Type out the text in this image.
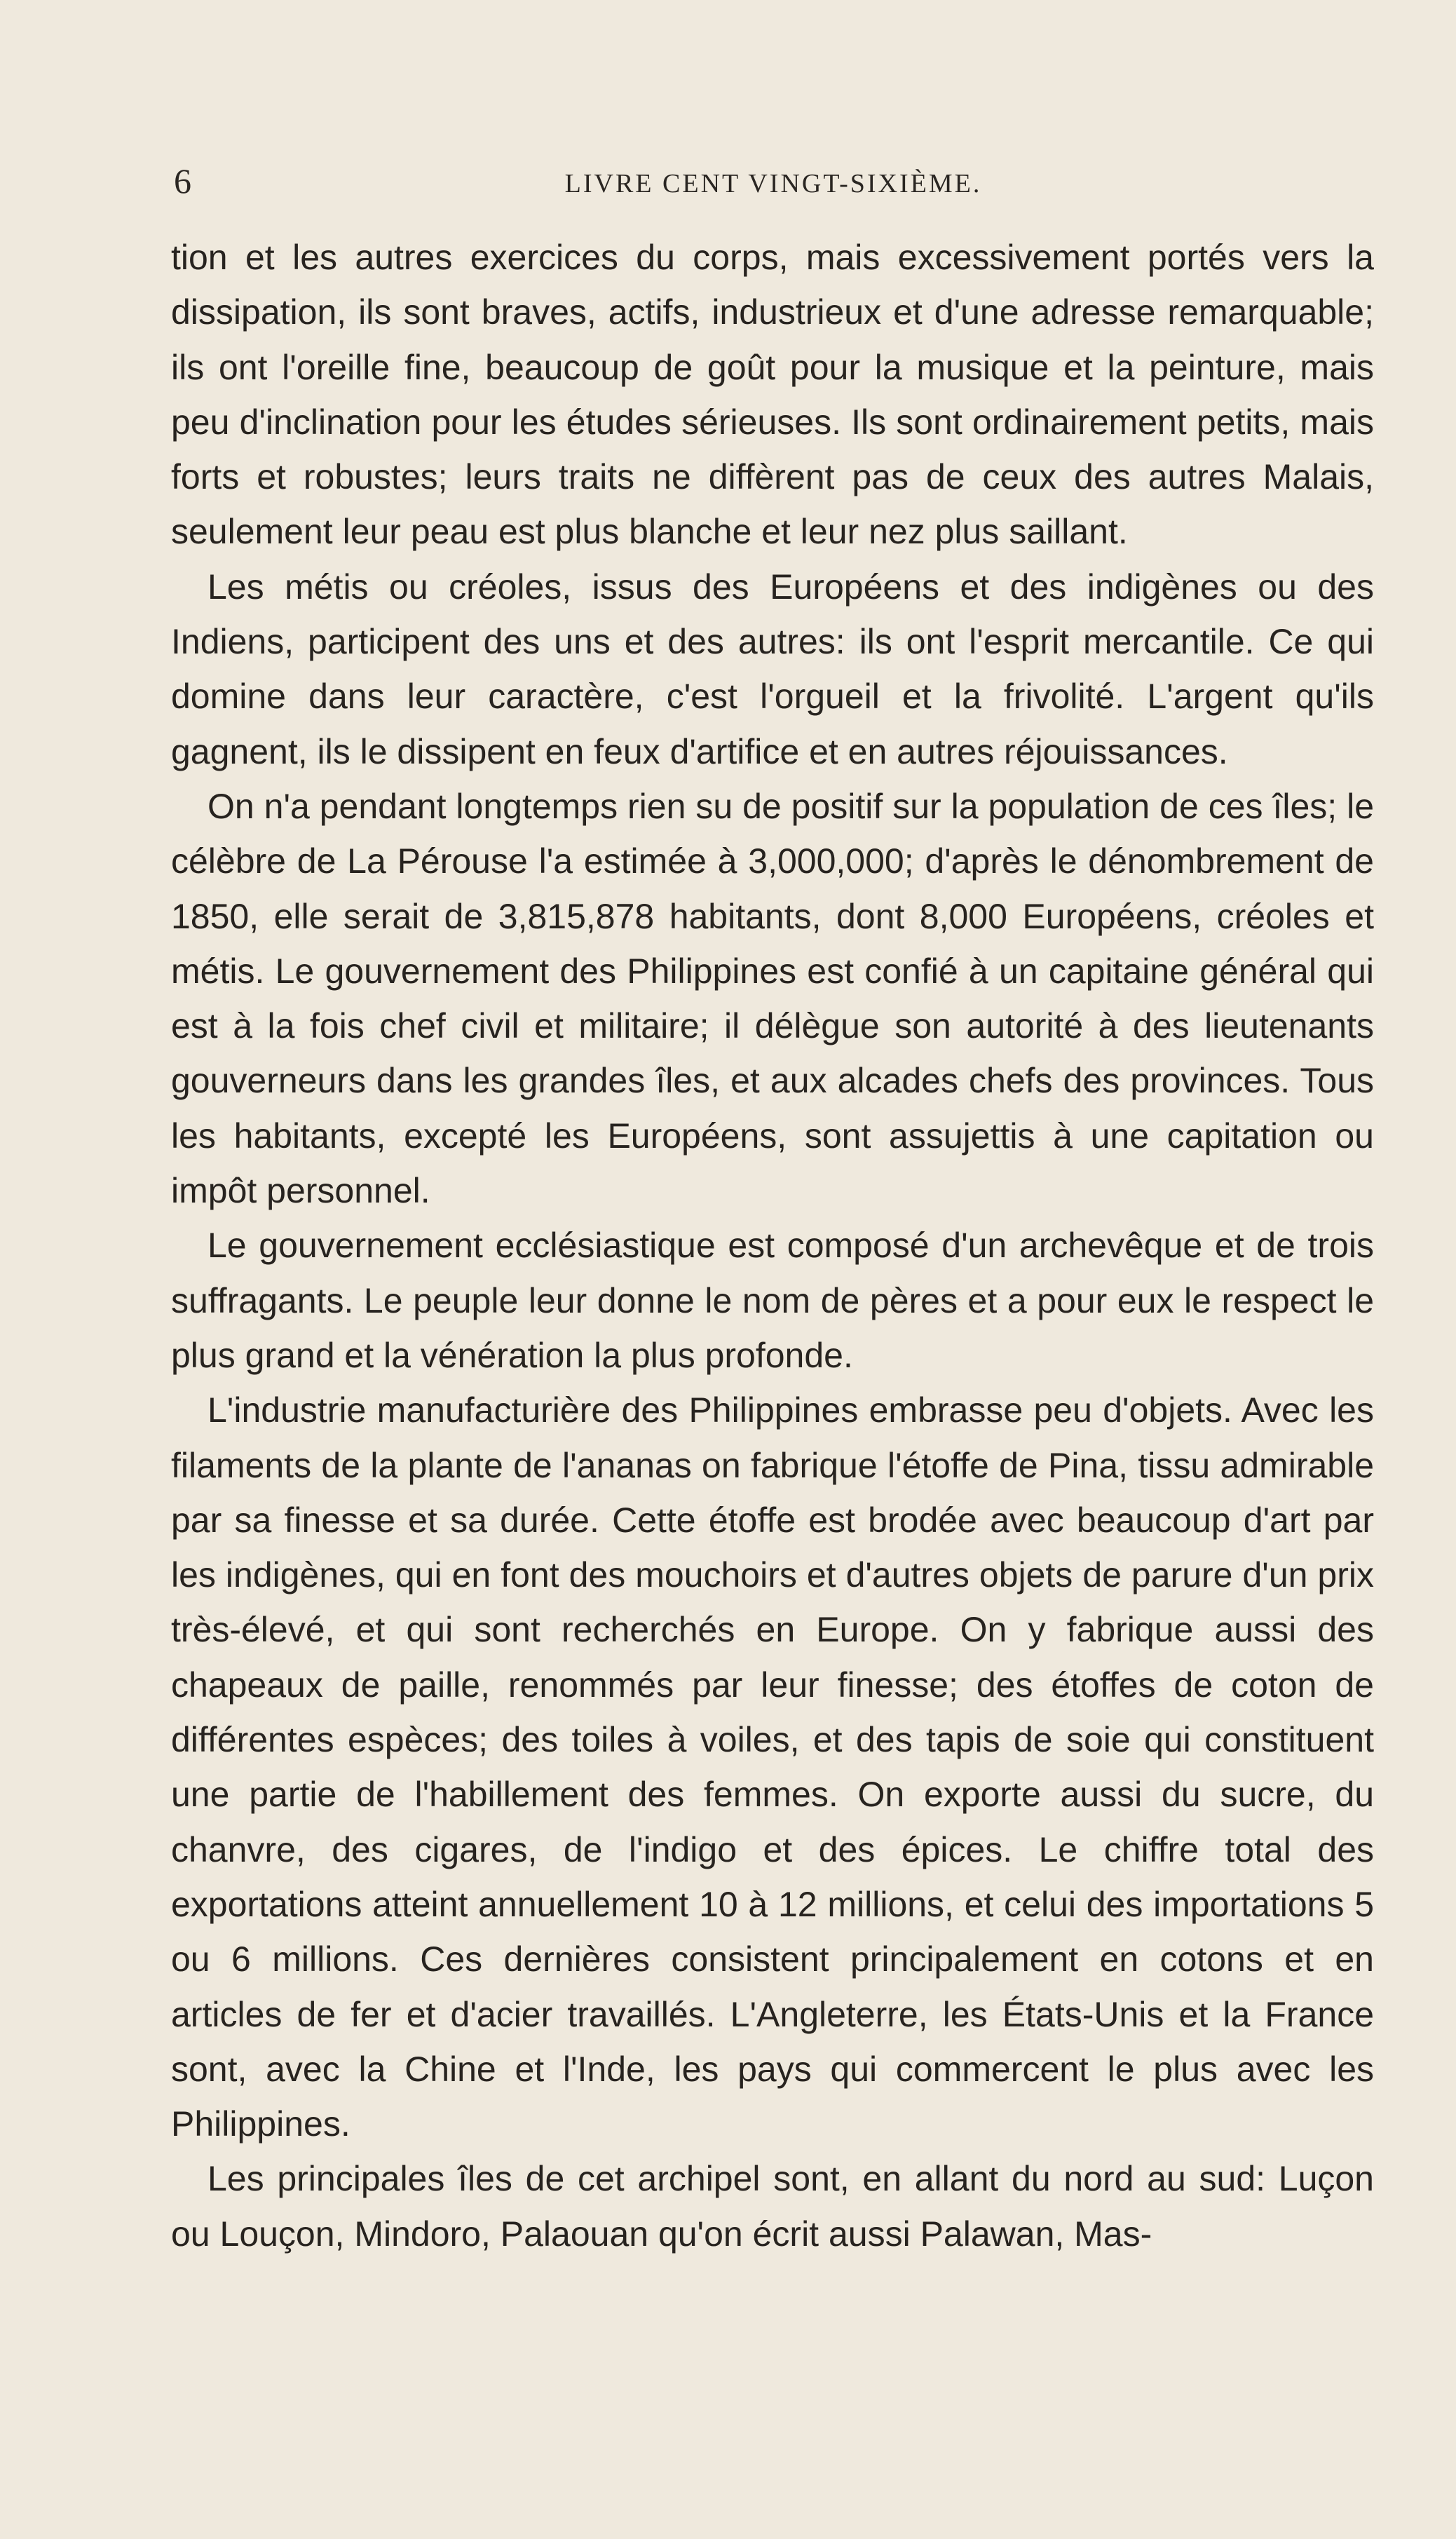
6	LIVRE CENT VINGT-SIXIÈME.

tion et les autres exercices du corps, mais excessivement portés vers la dissipation, ils sont braves, actifs, industrieux et d'une adresse remarquable; ils ont l'oreille fine, beaucoup de goût pour la musique et la peinture, mais peu d'inclination pour les études sérieuses. Ils sont ordinairement petits, mais forts et robustes; leurs traits ne diffèrent pas de ceux des autres Malais, seulement leur peau est plus blanche et leur nez plus saillant.

Les métis ou créoles, issus des Européens et des indigènes ou des Indiens, participent des uns et des autres: ils ont l'esprit mercantile. Ce qui domine dans leur caractère, c'est l'orgueil et la frivolité. L'argent qu'ils gagnent, ils le dissipent en feux d'artifice et en autres réjouissances.

On n'a pendant longtemps rien su de positif sur la population de ces îles; le célèbre de La Pérouse l'a estimée à 3,000,000; d'après le dénombrement de 1850, elle serait de 3,815,878 habitants, dont 8,000 Européens, créoles et métis. Le gouvernement des Philippines est confié à un capitaine général qui est à la fois chef civil et militaire; il délègue son autorité à des lieutenants gouverneurs dans les grandes îles, et aux alcades chefs des provinces. Tous les habitants, excepté les Européens, sont assujettis à une capitation ou impôt personnel.

Le gouvernement ecclésiastique est composé d'un archevêque et de trois suffragants. Le peuple leur donne le nom de pères et a pour eux le respect le plus grand et la vénération la plus profonde.

L'industrie manufacturière des Philippines embrasse peu d'objets. Avec les filaments de la plante de l'ananas on fabrique l'étoffe de Pina, tissu admirable par sa finesse et sa durée. Cette étoffe est brodée avec beaucoup d'art par les indigènes, qui en font des mouchoirs et d'autres objets de parure d'un prix très-élevé, et qui sont recherchés en Europe. On y fabrique aussi des chapeaux de paille, renommés par leur finesse; des étoffes de coton de différentes espèces; des toiles à voiles, et des tapis de soie qui constituent une partie de l'habillement des femmes. On exporte aussi du sucre, du chanvre, des cigares, de l'indigo et des épices. Le chiffre total des exportations atteint annuellement 10 à 12 millions, et celui des importations 5 ou 6 millions. Ces dernières consistent principalement en cotons et en articles de fer et d'acier travaillés. L'Angleterre, les États-Unis et la France sont, avec la Chine et l'Inde, les pays qui commercent le plus avec les Philippines.

Les principales îles de cet archipel sont, en allant du nord au sud: Luçon ou Louçon, Mindoro, Palaouan qu'on écrit aussi Palawan, Mas-
